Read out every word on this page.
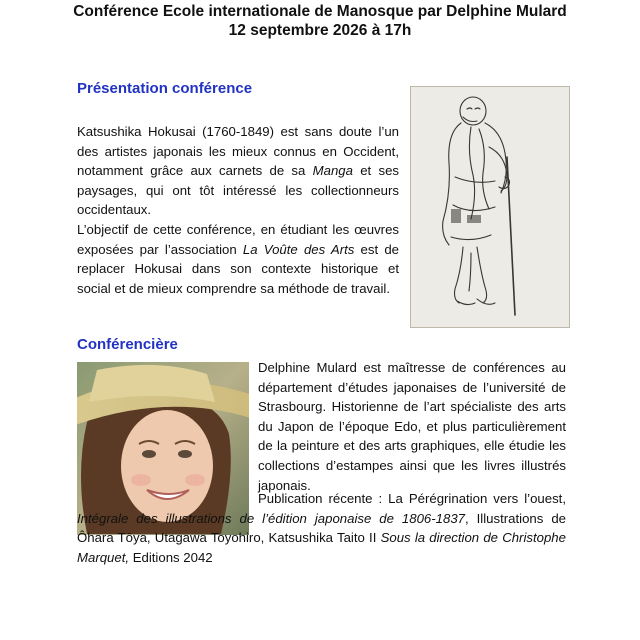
Conférence Ecole internationale de Manosque par Delphine Mulard
12 septembre 2026 à 17h
Présentation conférence

Katsushika Hokusai (1760-1849) est sans doute l’un des artistes japonais les mieux connus en Occident, notamment grâce aux carnets de sa Manga et ses paysages, qui ont tôt intéressé les collectionneurs occidentaux.

L’objectif de cette conférence, en étudiant les œuvres exposées par l’association La Voûte des Arts est de replacer Hokusai dans son contexte historique et social et de mieux comprendre sa méthode de travail.

Conférencière

Delphine Mulard est maîtresse de conférences au département d’études japonaises de l’université de Strasbourg. Historienne de l’art spécialiste des arts du Japon de l’époque Edo, et plus particulièrement de la peinture et des arts graphiques, elle étudie les collections d’estampes ainsi que les livres illustrés japonais.

Publication récente : La Pérégrination vers l’ouest, Intégrale des illustrations de l’édition japonaise de 1806-1837, Illustrations de Ôhara Tōya, Utagawa Toyohiro, Katsushika Taito II Sous la direction de Christophe Marquet, Editions 2042
